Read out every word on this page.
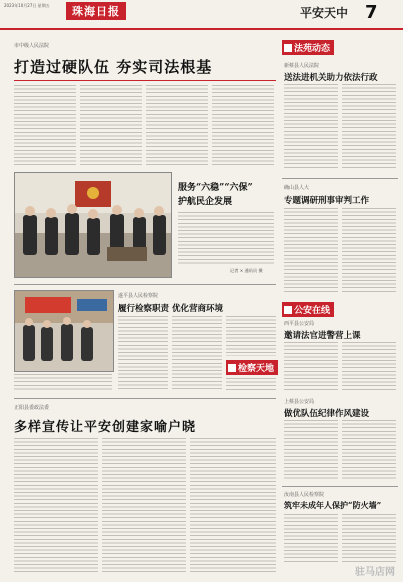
2023年10月27日 星期五	珠海日报	平安天中 7
市中级人民法院
打造过硬队伍 夯实司法根基
法苑动态
新蔡县人民法院
送法进机关助力依法行政
确山县人大
专题调研刑事审判工作
服务“六稳”“六保”
护航民企发展
记者 × 通讯员 摄
遂平县人民检察院
履行检察职责 优化营商环境
检察天地
公安在线
西平县公安局
邀请法官进警营上课
上蔡县公安局
做优队伍纪律作风建设
正阳县委政法委
多样宣传让平安创建家喻户晓
汝南县人民检察院
筑牢未成年人保护“防火墙”
驻马店网
